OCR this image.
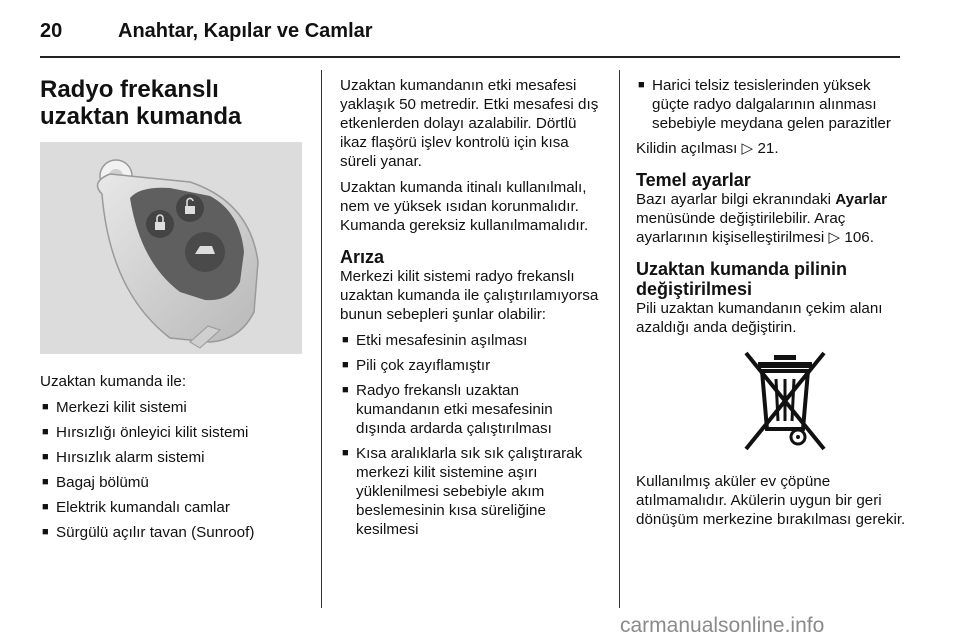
20	Anahtar, Kapılar ve Camlar
Radyo frekanslı uzaktan kumanda

Uzaktan kumanda ile:

■ Merkezi kilit sistemi
■ Hırsızlığı önleyici kilit sistemi
■ Hırsızlık alarm sistemi
■ Bagaj bölümü
■ Elektrik kumandalı camlar
■ Sürgülü açılır tavan (Sunroof)

Uzaktan kumandanın etki mesafesi yaklaşık 50 metredir. Etki mesafesi dış etkenlerden dolayı azalabilir. Dörtlü ikaz flaşörü işlev kontrolü için kısa süreli yanar.

Uzaktan kumanda itinalı kullanılmalı, nem ve yüksek ısıdan korunmalıdır. Kumanda gereksiz kullanılmamalıdır.

Arıza

Merkezi kilit sistemi radyo frekanslı uzaktan kumanda ile çalıştırılamıyorsa bunun sebepleri şunlar olabilir:

■ Etki mesafesinin aşılması
■ Pili çok zayıflamıştır
■ Radyo frekanslı uzaktan kumandanın etki mesafesinin dışında ardarda çalıştırılması
■ Kısa aralıklarla sık sık çalıştırarak merkezi kilit sistemine aşırı yüklenilmesi sebebiyle akım beslemesinin kısa süreliğine kesilmesi
■ Harici telsiz tesislerinden yüksek güçte radyo dalgalarının alınması sebebiyle meydana gelen parazitler

Kilidin açılması ▷ 21.

Temel ayarlar

Bazı ayarlar bilgi ekranındaki Ayarlar menüsünde değiştirilebilir. Araç ayarlarının kişiselleştirilmesi ▷ 106.

Uzaktan kumanda pilinin değiştirilmesi

Pili uzaktan kumandanın çekim alanı azaldığı anda değiştirin.

Kullanılmış aküler ev çöpüne atılmamalıdır. Akülerin uygun bir geri dönüşüm merkezine bırakılması gerekir.

carmanualsonline.info
